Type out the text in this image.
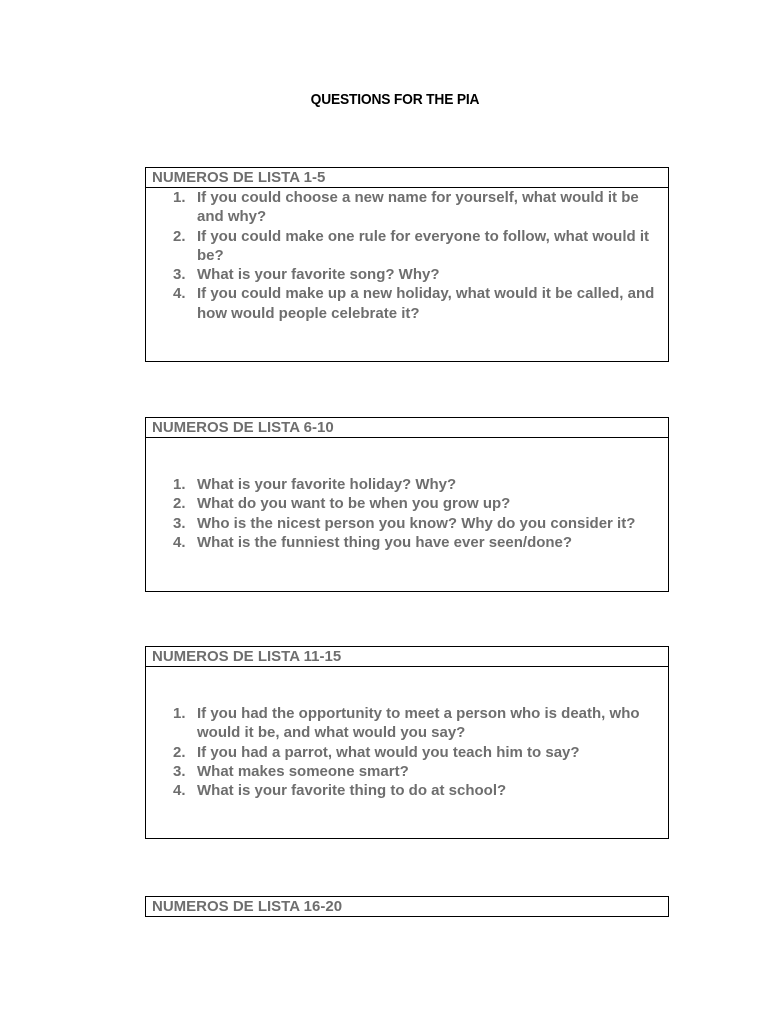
QUESTIONS FOR THE PIA
NUMEROS DE LISTA 1-5
1. If you could choose a new name for yourself, what would it be and why?
2. If you could make one rule for everyone to follow, what would it be?
3. What is your favorite song? Why?
4. If you could make up a new holiday, what would it be called, and how would people celebrate it?
NUMEROS DE LISTA 6-10
1. What is your favorite holiday? Why?
2. What do you want to be when you grow up?
3. Who is the nicest person you know? Why do you consider it?
4. What is the funniest thing you have ever seen/done?
NUMEROS DE LISTA 11-15
1. If you had the opportunity to meet a person who is death, who would it be, and what would you say?
2. If you had a parrot, what would you teach him to say?
3. What makes someone smart?
4. What is your favorite thing to do at school?
NUMEROS DE LISTA 16-20
